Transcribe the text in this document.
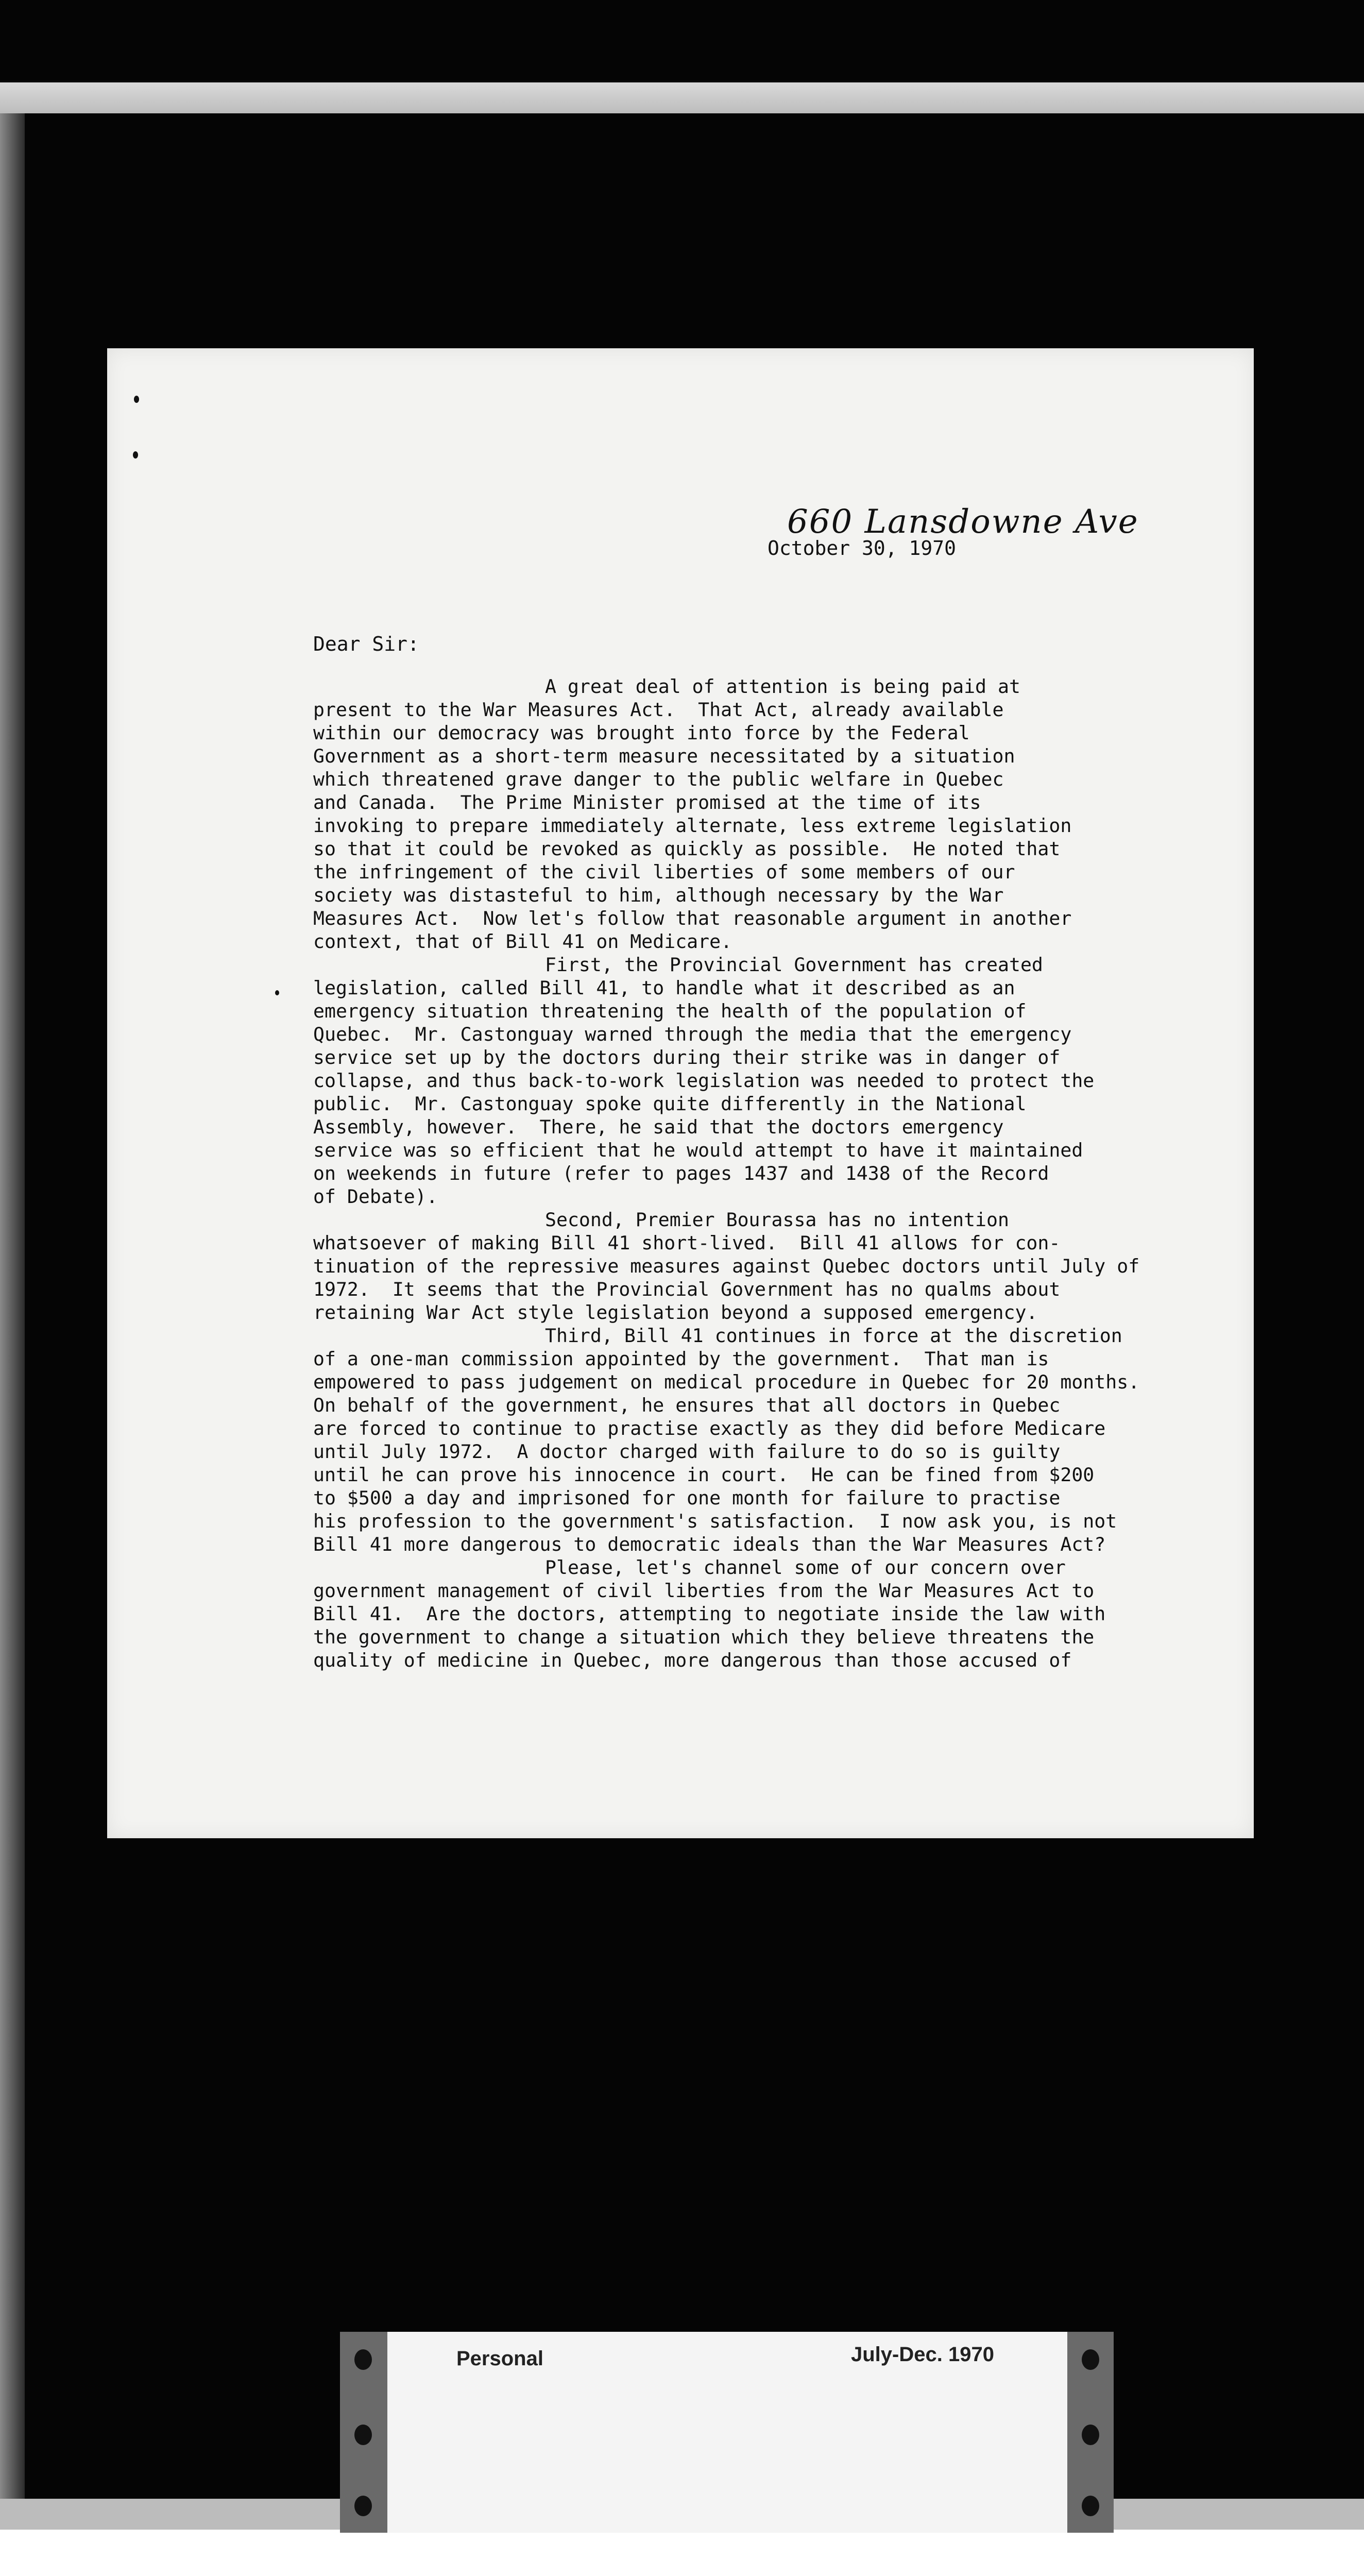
660 Lansdowne Ave
October 30, 1970
Dear Sir:
A great deal of attention is being paid at
present to the War Measures Act.  That Act, already available
within our democracy was brought into force by the Federal
Government as a short-term measure necessitated by a situation
which threatened grave danger to the public welfare in Quebec
and Canada.  The Prime Minister promised at the time of its
invoking to prepare immediately alternate, less extreme legislation
so that it could be revoked as quickly as possible.  He noted that
the infringement of the civil liberties of some members of our
society was distasteful to him, although necessary by the War
Measures Act.  Now let's follow that reasonable argument in another
context, that of Bill 41 on Medicare.
First, the Provincial Government has created
legislation, called Bill 41, to handle what it described as an
emergency situation threatening the health of the population of
Quebec.  Mr. Castonguay warned through the media that the emergency
service set up by the doctors during their strike was in danger of
collapse, and thus back-to-work legislation was needed to protect the
public.  Mr. Castonguay spoke quite differently in the National
Assembly, however.  There, he said that the doctors emergency
service was so efficient that he would attempt to have it maintained
on weekends in future (refer to pages 1437 and 1438 of the Record
of Debate).
Second, Premier Bourassa has no intention
whatsoever of making Bill 41 short-lived.  Bill 41 allows for con-
tinuation of the repressive measures against Quebec doctors until July of
1972.  It seems that the Provincial Government has no qualms about
retaining War Act style legislation beyond a supposed emergency.
Third, Bill 41 continues in force at the discretion
of a one-man commission appointed by the government.  That man is
empowered to pass judgement on medical procedure in Quebec for 20 months.
On behalf of the government, he ensures that all doctors in Quebec
are forced to continue to practise exactly as they did before Medicare
until July 1972.  A doctor charged with failure to do so is guilty
until he can prove his innocence in court.  He can be fined from $200
to $500 a day and imprisoned for one month for failure to practise
his profession to the government's satisfaction.  I now ask you, is not
Bill 41 more dangerous to democratic ideals than the War Measures Act?
Please, let's channel some of our concern over
government management of civil liberties from the War Measures Act to
Bill 41.  Are the doctors, attempting to negotiate inside the law with
the government to change a situation which they believe threatens the
quality of medicine in Quebec, more dangerous than those accused of
Personal	July-Dec. 1970
